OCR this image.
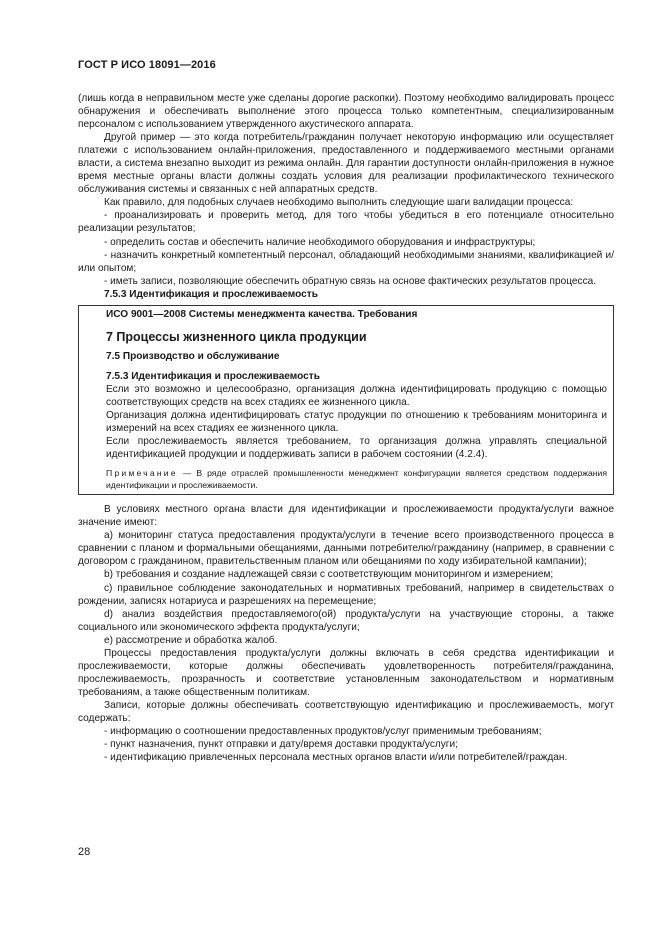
ГОСТ Р ИСО 18091—2016

(лишь когда в неправильном месте уже сделаны дорогие раскопки). Поэтому необходимо валидировать процесс обнаружения и обеспечивать выполнение этого процесса только компетентным, специализированным персоналом с использованием утвержденного акустического аппарата.

Другой пример — это когда потребитель/гражданин получает некоторую информацию или осуществляет платежи с использованием онлайн-приложения, предоставленного и поддерживаемого местными органами власти, а система внезапно выходит из режима онлайн. Для гарантии доступности онлайн-приложения в нужное время местные органы власти должны создать условия для реализации профилактического технического обслуживания системы и связанных с ней аппаратных средств.

Как правило, для подобных случаев необходимо выполнить следующие шаги валидации процесса:

- проанализировать и проверить метод, для того чтобы убедиться в его потенциале относительно реализации результатов;

- определить состав и обеспечить наличие необходимого оборудования и инфраструктуры;

- назначить конкретный компетентный персонал, обладающий необходимыми знаниями, квалификацией и/или опытом;

- иметь записи, позволяющие обеспечить обратную связь на основе фактических результатов процесса.

7.5.3 Идентификация и прослеживаемость

ИСО 9001—2008 Системы менеджмента качества. Требования

7 Процессы жизненного цикла продукции

7.5 Производство и обслуживание

7.5.3 Идентификация и прослеживаемость

Если это возможно и целесообразно, организация должна идентифицировать продукцию с помощью соответствующих средств на всех стадиях ее жизненного цикла.

Организация должна идентифицировать статус продукции по отношению к требованиям мониторинга и измерений на всех стадиях ее жизненного цикла.

Если прослеживаемость является требованием, то организация должна управлять специальной идентификацией продукции и поддерживать записи в рабочем состоянии (4.2.4).

Примечание — В ряде отраслей промышленности менеджмент конфигурации является средством поддержания идентификации и прослеживаемости.

В условиях местного органа власти для идентификации и прослеживаемости продукта/услуги важное значение имеют:

a) мониторинг статуса предоставления продукта/услуги в течение всего производственного процесса в сравнении с планом и формальными обещаниями, данными потребителю/гражданину (например, в сравнении с договором с гражданином, правительственным планом или обещаниями по ходу избирательной кампании);

b) требования и создание надлежащей связи с соответствующим мониторингом и измерением;

c) правильное соблюдение законодательных и нормативных требований, например в свидетельствах о рождении, записях нотариуса и разрешениях на перемещение;

d) анализ воздействия предоставляемого(ой) продукта/услуги на участвующие стороны, а также социального или экономического эффекта продукта/услуги;

e) рассмотрение и обработка жалоб.

Процессы предоставления продукта/услуги должны включать в себя средства идентификации и прослеживаемости, которые должны обеспечивать удовлетворенность потребителя/гражданина, прослеживаемость, прозрачность и соответствие установленным законодательством и нормативным требованиям, а также общественным политикам.

Записи, которые должны обеспечивать соответствующую идентификацию и прослеживаемость, могут содержать:

- информацию о соотношении предоставленных продуктов/услуг применимым требованиям;

- пункт назначения, пункт отправки и дату/время доставки продукта/услуги;

- идентификацию привлеченных персонала местных органов власти и/или потребителей/граждан.

28
